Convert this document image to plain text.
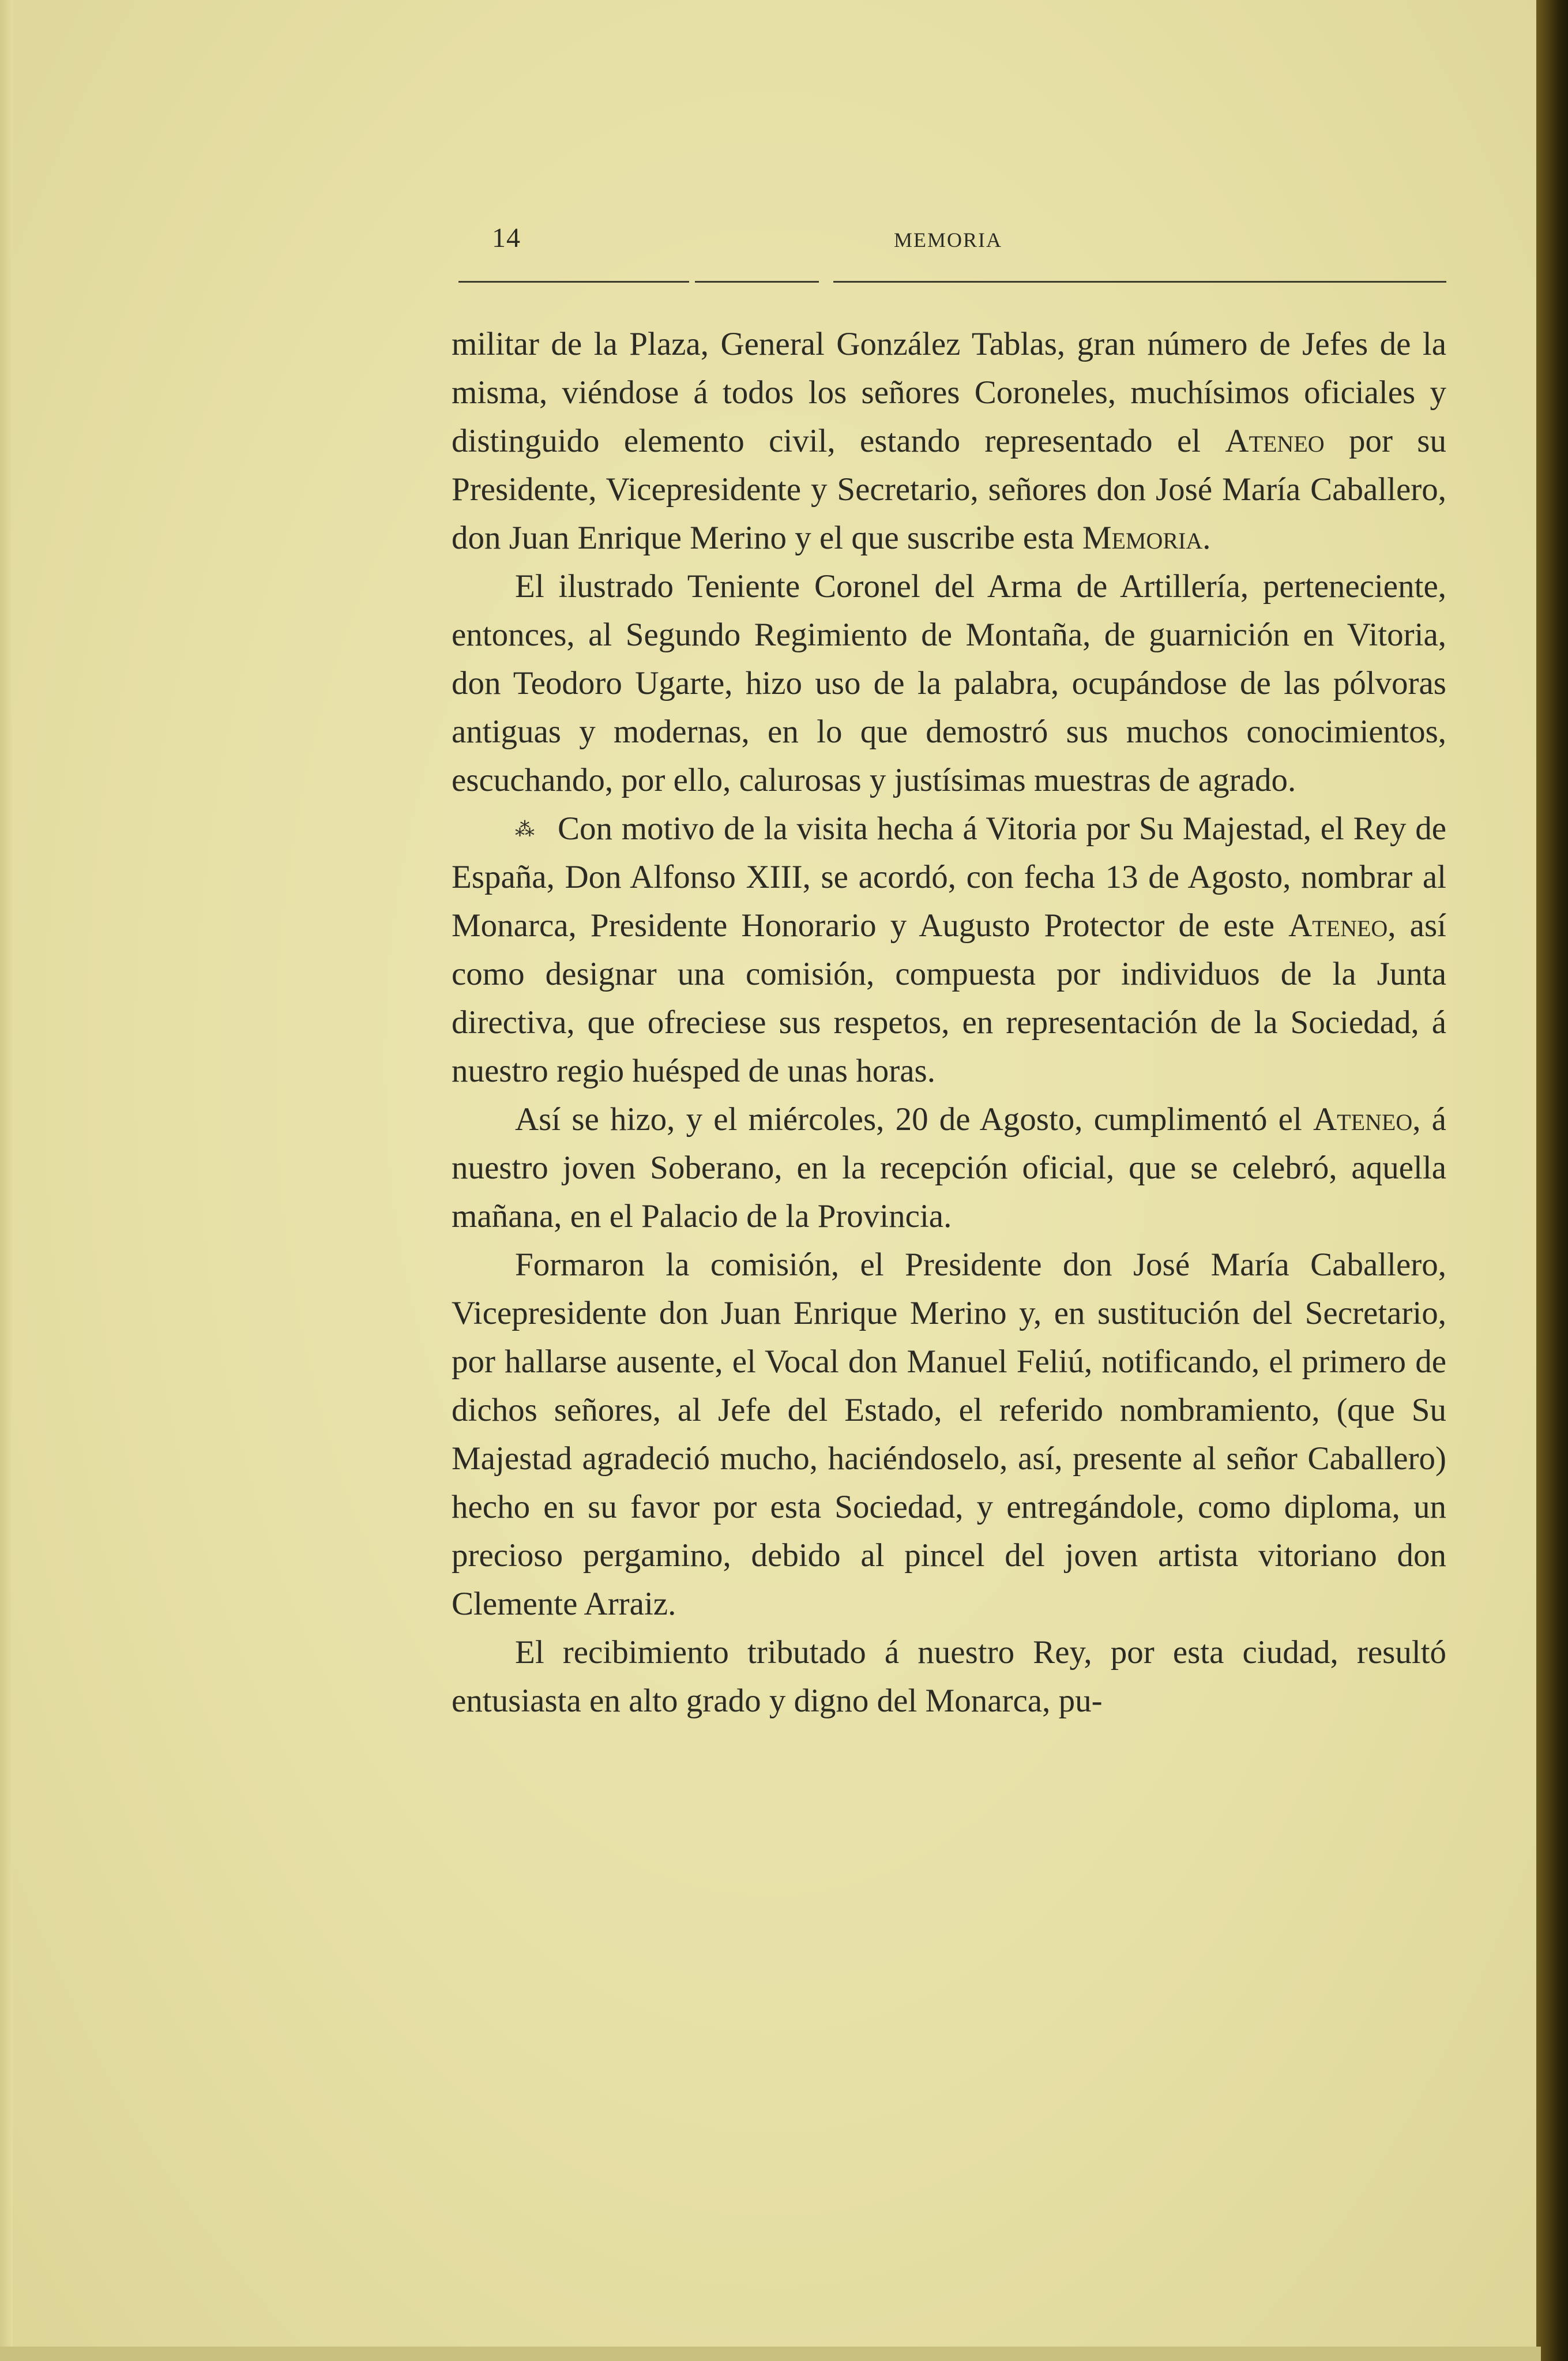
14	MEMORIA

militar de la Plaza, General González Tablas, gran número de Jefes de la misma, viéndose á todos los señores Coroneles, muchísimos oficiales y distinguido elemento civil, estando representado el Ateneo por su Presidente, Vicepresidente y Secretario, señores don José María Caballero, don Juan Enrique Merino y el que suscribe esta Memoria.

El ilustrado Teniente Coronel del Arma de Artillería, perteneciente, entonces, al Segundo Regimiento de Montaña, de guarnición en Vitoria, don Teodoro Ugarte, hizo uso de la palabra, ocupándose de las pólvoras antiguas y modernas, en lo que demostró sus muchos conocimientos, escuchando, por ello, calurosas y justísimas muestras de agrado.

⁂ Con motivo de la visita hecha á Vitoria por Su Majestad, el Rey de España, Don Alfonso XIII, se acordó, con fecha 13 de Agosto, nombrar al Monarca, Presidente Honorario y Augusto Protector de este Ateneo, así como designar una comisión, compuesta por individuos de la Junta directiva, que ofreciese sus respetos, en representación de la Sociedad, á nuestro regio huésped de unas horas.

Así se hizo, y el miércoles, 20 de Agosto, cumplimentó el Ateneo, á nuestro joven Soberano, en la recepción oficial, que se celebró, aquella mañana, en el Palacio de la Provincia.

Formaron la comisión, el Presidente don José María Caballero, Vicepresidente don Juan Enrique Merino y, en sustitución del Secretario, por hallarse ausente, el Vocal don Manuel Feliú, notificando, el primero de dichos señores, al Jefe del Estado, el referido nombramiento, (que Su Majestad agradeció mucho, haciéndoselo, así, presente al señor Caballero) hecho en su favor por esta Sociedad, y entregándole, como diploma, un precioso pergamino, debido al pincel del joven artista vitoriano don Clemente Arraiz.

El recibimiento tributado á nuestro Rey, por esta ciudad, resultó entusiasta en alto grado y digno del Monarca, pu-
